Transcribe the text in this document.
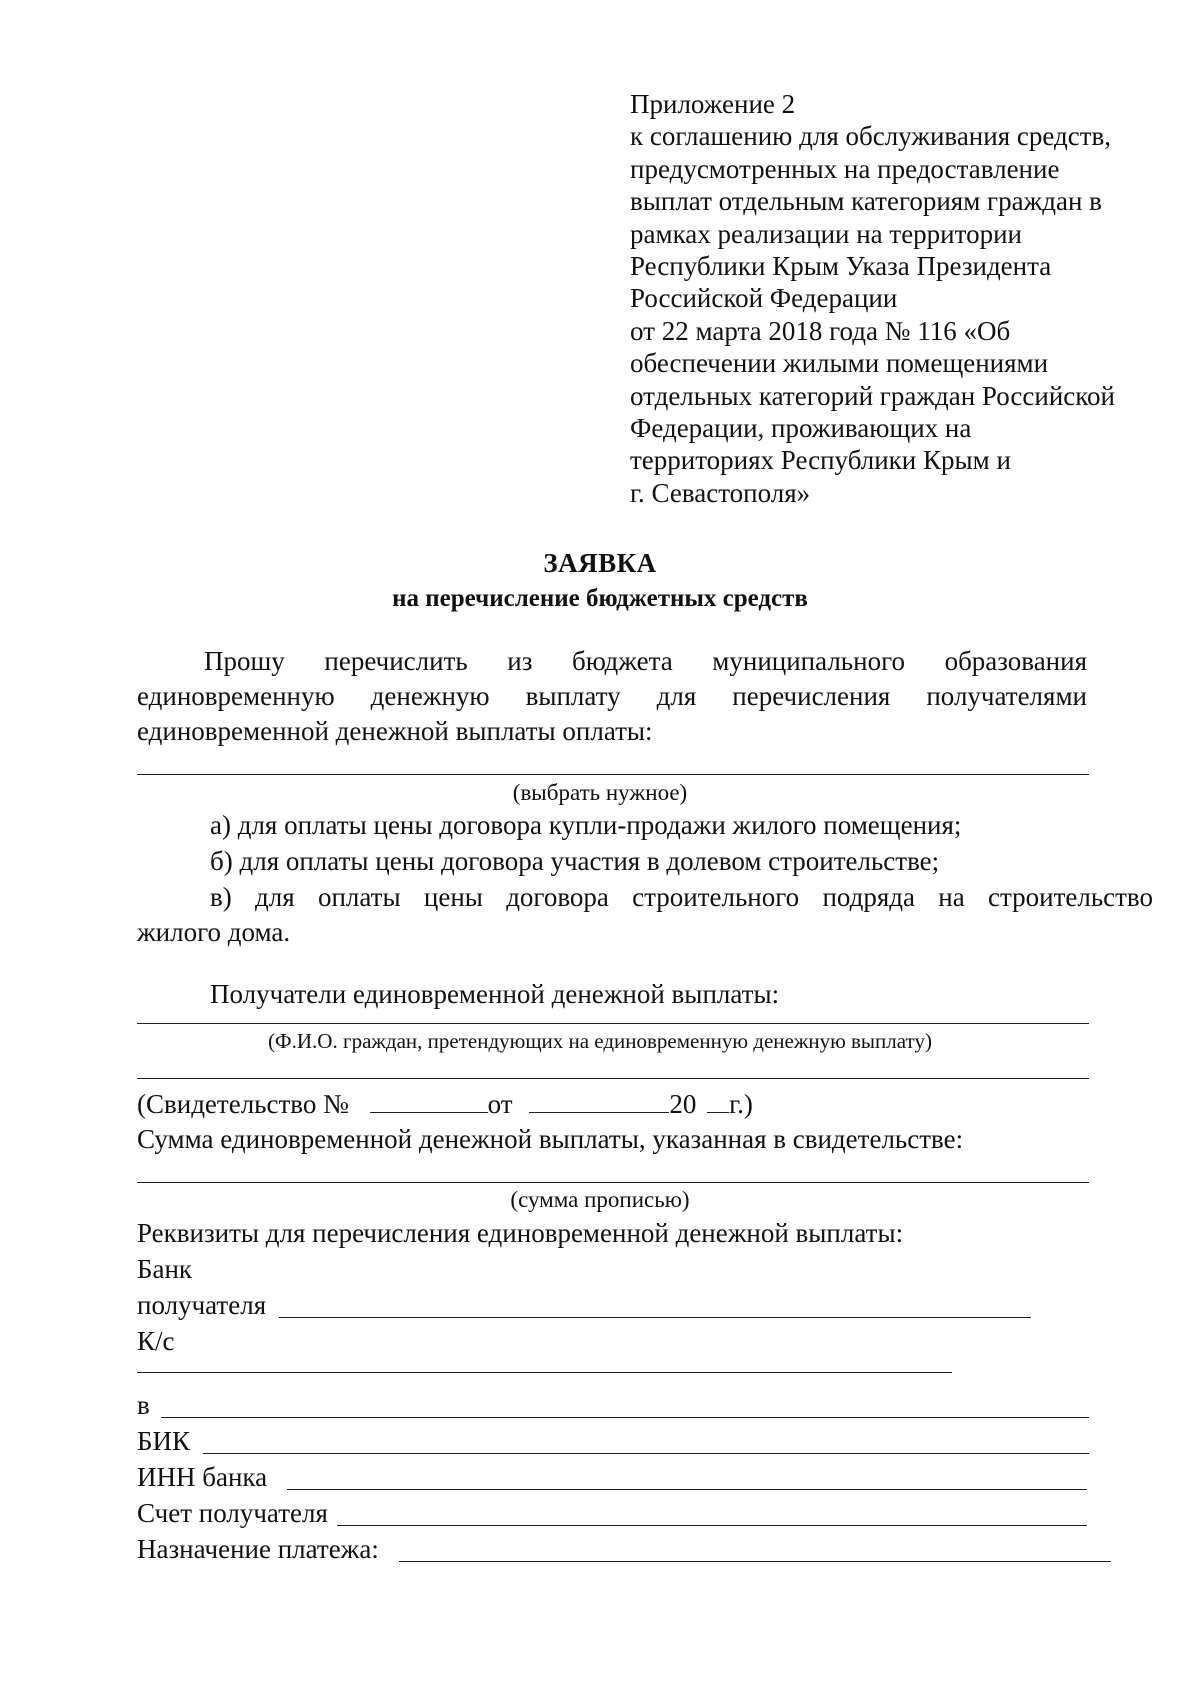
Приложение 2
к соглашению для обслуживания средств,
предусмотренных на предоставление
выплат отдельным категориям граждан в
рамках реализации на территории
Республики Крым Указа Президента
Российской Федерации
от 22 марта 2018 года № 116 «Об
обеспечении жилыми помещениями
отдельных категорий граждан Российской
Федерации, проживающих на
территориях Республики Крым и
г. Севастополя»
ЗАЯВКА
на перечисление бюджетных средств
Прошу перечислить из бюджета муниципального образования
единовременную денежную выплату для перечисления получателями
единовременной денежной выплаты оплаты:
(выбрать нужное)
а) для оплаты цены договора купли-продажи жилого помещения;
б) для оплаты цены договора участия в долевом строительстве;
в) для оплаты цены договора строительного подряда на строительство
жилого дома.
Получатели единовременной денежной выплаты:
(Ф.И.О. граждан, претендующих на единовременную денежную выплату)
(Свидетельство №	от	20 г.)
Сумма единовременной денежной выплаты, указанная в свидетельстве:
(сумма прописью)
Реквизиты для перечисления единовременной денежной выплаты:
Банк
получателя
К/с
в
БИК
ИНН банка
Счет получателя
Назначение платежа:
